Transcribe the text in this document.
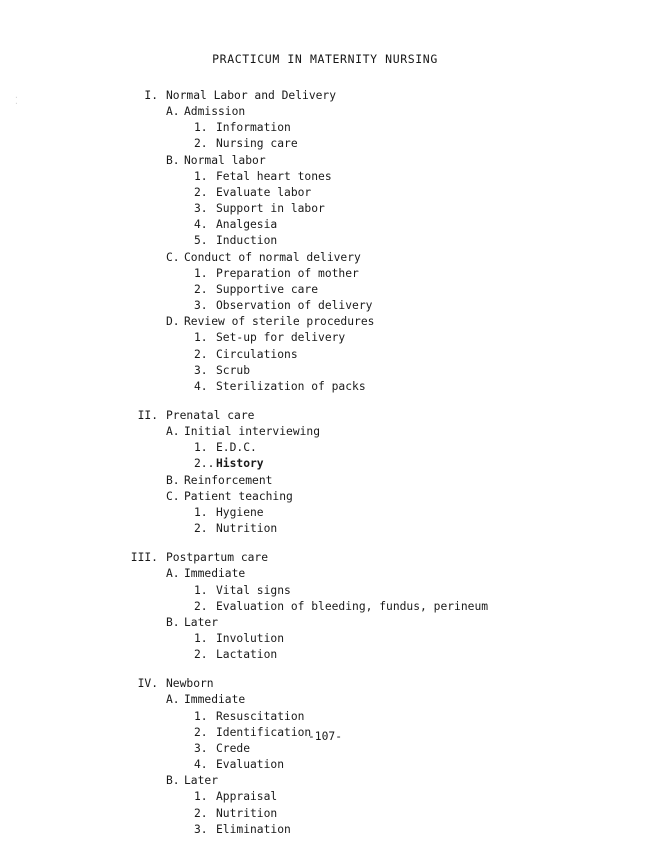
· ·
PRACTICUM IN MATERNITY NURSING
I. Normal Labor and Delivery
A. Admission
1. Information
2. Nursing care
B. Normal labor
1. Fetal heart tones
2. Evaluate labor
3. Support in labor
4. Analgesia
5. Induction
C. Conduct of normal delivery
1. Preparation of mother
2. Supportive care
3. Observation of delivery
D. Review of sterile procedures
1. Set-up for delivery
2. Circulations
3. Scrub
4. Sterilization of packs
II. Prenatal care
A. Initial interviewing
1. E.D.C.
2.. History
B. Reinforcement
C. Patient teaching
1. Hygiene
2. Nutrition
III. Postpartum care
A. Immediate
1. Vital signs
2. Evaluation of bleeding, fundus, perineum
B. Later
1. Involution
2. Lactation
IV. Newborn
A. Immediate
1. Resuscitation
2. Identification
3. Crede
4. Evaluation
B. Later
1. Appraisal
2. Nutrition
3. Elimination
-107-
